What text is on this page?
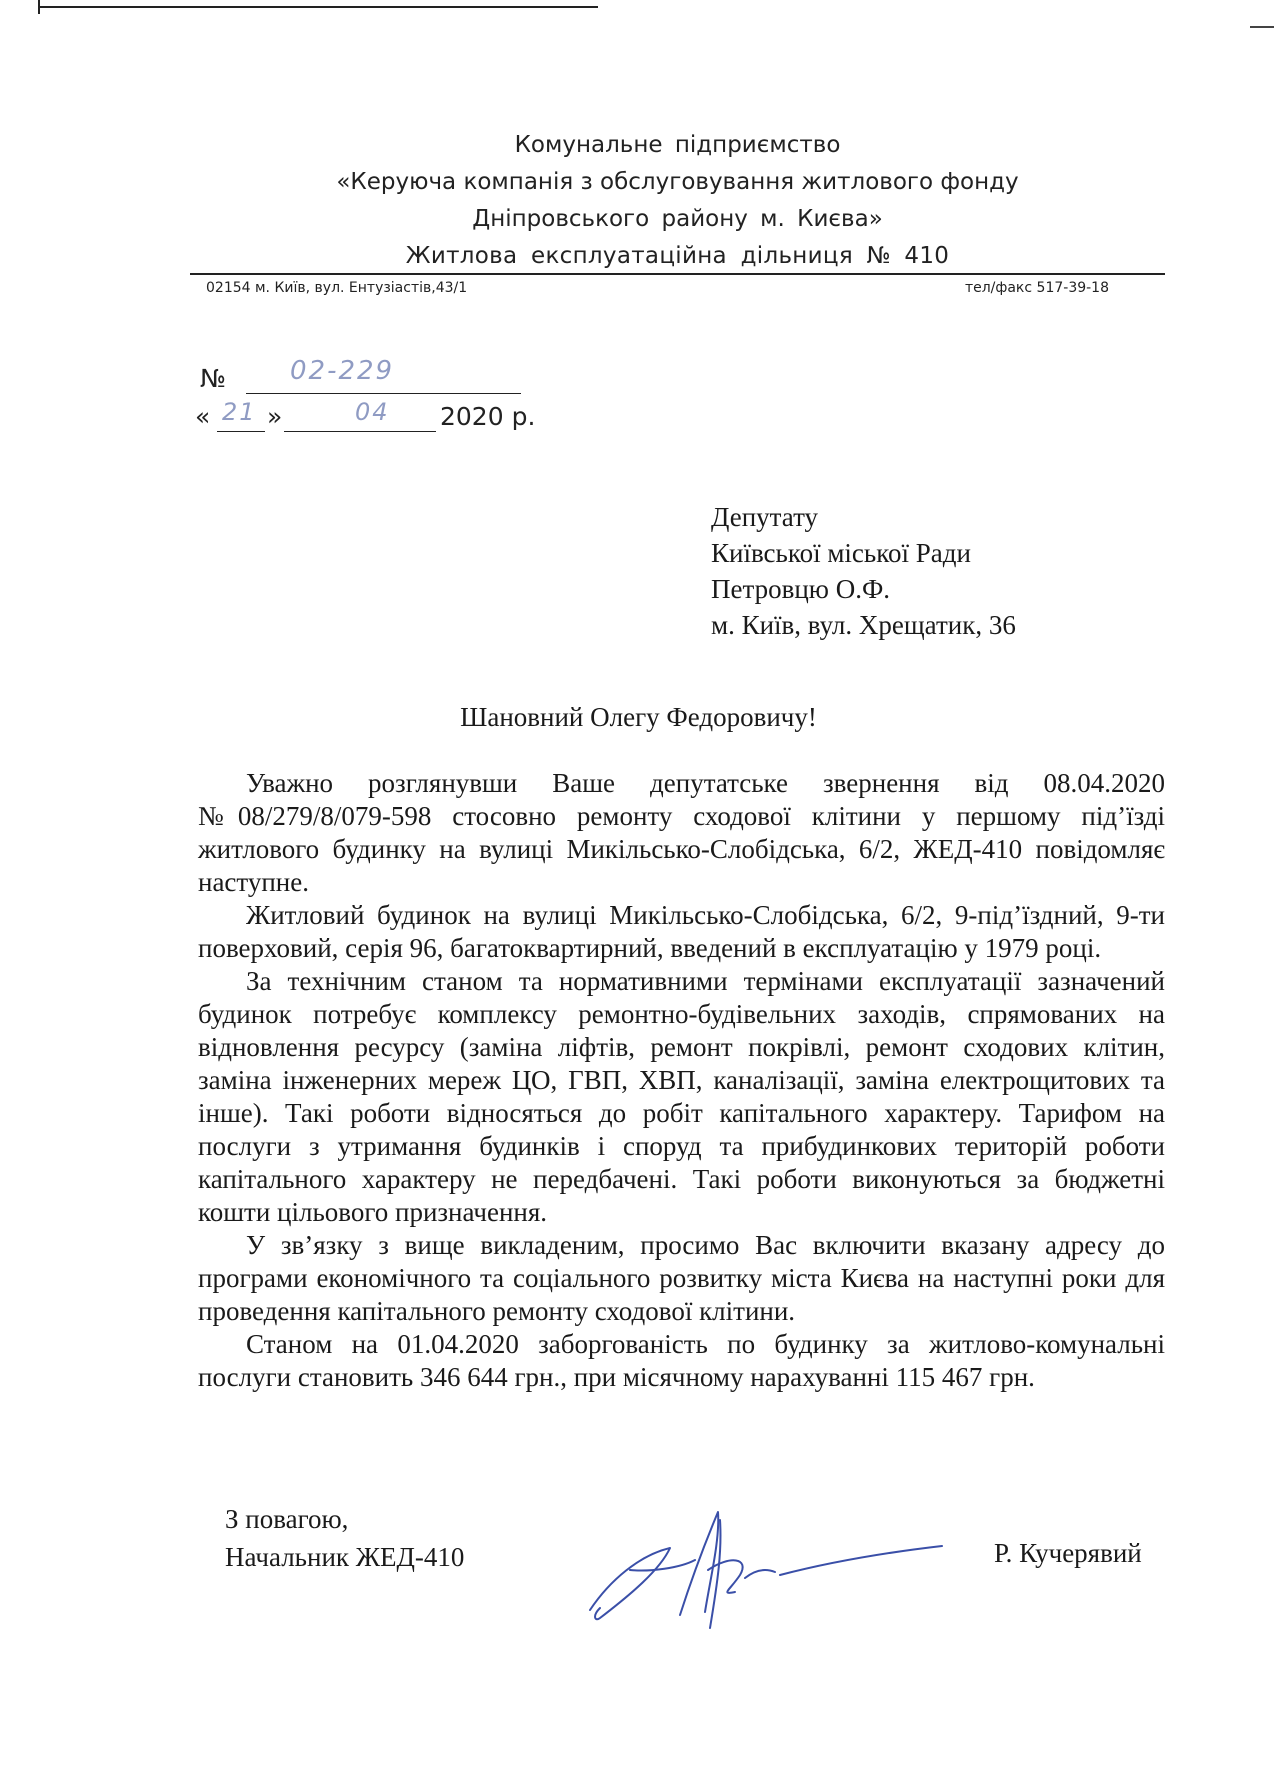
Комунальне підприємство
«Керуюча компанія з обслуговування житлового фонду
Дніпровського району м. Києва»
Житлова експлуатаційна дільниця № 410
02154 м. Київ, вул. Ентузіастів,43/1	тел/факс 517-39-18
№ 02-229
« 21 »	04 2020 р.
Депутату
Київської міської Ради
Петровцю О.Ф.
м. Київ, вул. Хрещатик, 36
Шановний Олегу Федоровичу!

Уважно розглянувши Ваше депутатське звернення від 08.04.2020 №08/279/8/079-598 стосовно ремонту сходової клітини у першому під’їзді житлового будинку на вулиці Микільсько-Слобідська, 6/2, ЖЕД-410 повідомляє наступне.

Житловий будинок на вулиці Микільсько-Слобідська, 6/2, 9-під’їздний, 9-ти поверховий, серія 96, багатоквартирний, введений в експлуатацію у 1979 році.

За технічним станом та нормативними термінами експлуатації зазначений будинок потребує комплексу ремонтно-будівельних заходів, спрямованих на відновлення ресурсу (заміна ліфтів, ремонт покрівлі, ремонт сходових клітин, заміна інженерних мереж ЦО, ГВП, ХВП, каналізації, заміна електрощитових та інше). Такі роботи відносяться до робіт капітального характеру. Тарифом на послуги з утримання будинків і споруд та прибудинкових територій роботи капітального характеру не передбачені. Такі роботи виконуються за бюджетні кошти цільового призначення.

У зв’язку з вище викладеним, просимо Вас включити вказану адресу до програми економічного та соціального розвитку міста Києва на наступні роки для проведення капітального ремонту сходової клітини.

Станом на 01.04.2020 заборгованість по будинку за житлово-комунальні послуги становить 346 644 грн., при місячному нарахуванні 115 467 грн.

З повагою,
Начальник ЖЕД-410	Р. Кучерявий
